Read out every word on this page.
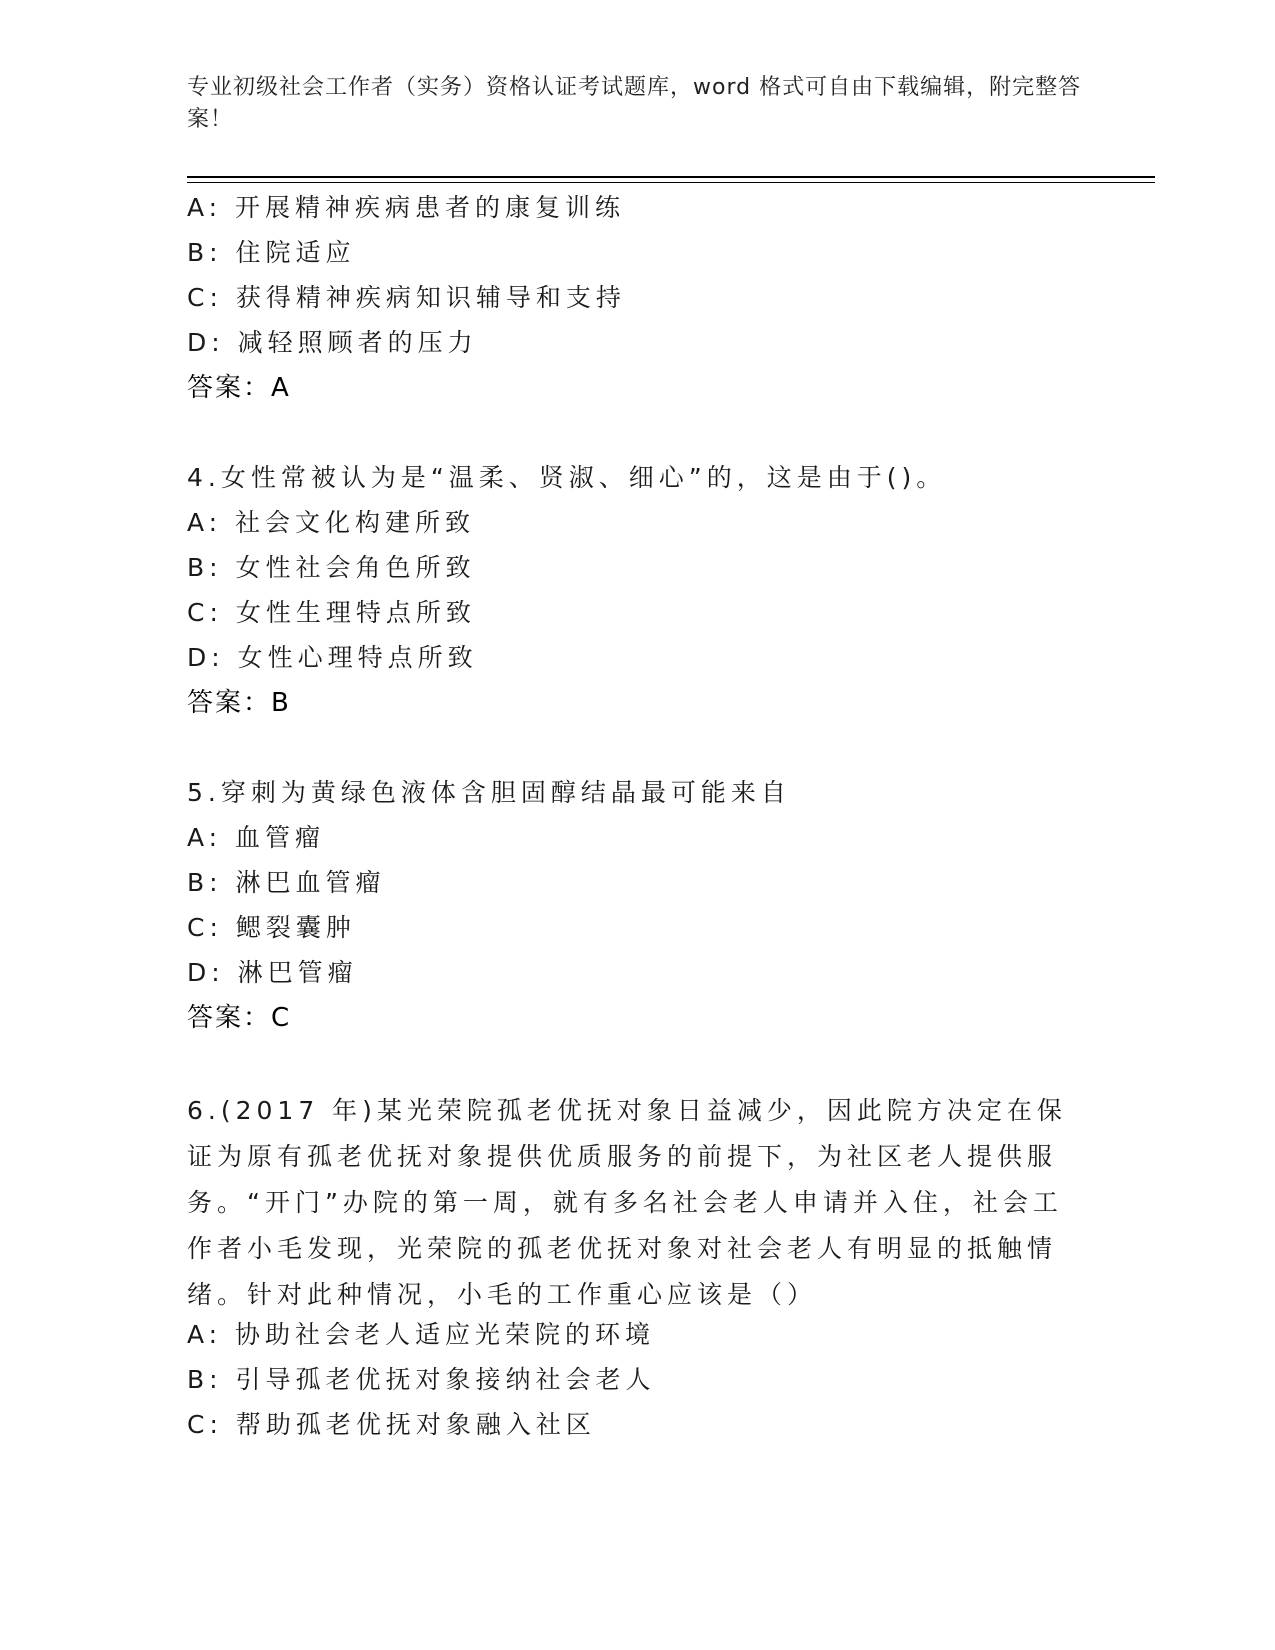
专业初级社会工作者（实务）资格认证考试题库，word 格式可自由下载编辑，附完整答案！
A: 开展精神疾病患者的康复训练
B: 住院适应
C: 获得精神疾病知识辅导和支持
D: 减轻照顾者的压力
答案：A
4.女性常被认为是“温柔、贤淑、细心”的，这是由于()。
A: 社会文化构建所致
B: 女性社会角色所致
C: 女性生理特点所致
D: 女性心理特点所致
答案：B
5.穿刺为黄绿色液体含胆固醇结晶最可能来自
A: 血管瘤
B: 淋巴血管瘤
C: 鳃裂囊肿
D: 淋巴管瘤
答案：C
6.(2017 年)某光荣院孤老优抚对象日益减少，因此院方决定在保证为原有孤老优抚对象提供优质服务的前提下，为社区老人提供服务。“开门”办院的第一周，就有多名社会老人申请并入住，社会工作者小毛发现，光荣院的孤老优抚对象对社会老人有明显的抵触情绪。针对此种情况，小毛的工作重心应该是（）
A: 协助社会老人适应光荣院的环境
B: 引导孤老优抚对象接纳社会老人
C: 帮助孤老优抚对象融入社区
